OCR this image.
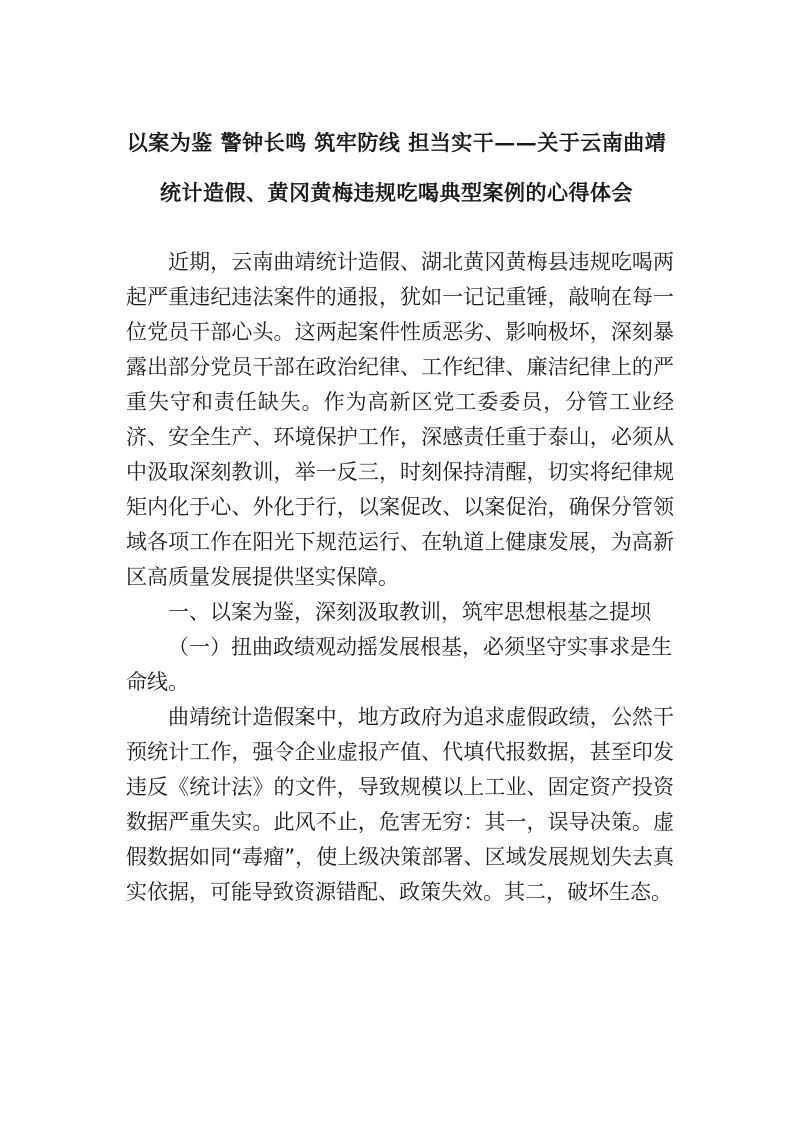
以案为鉴 警钟长鸣 筑牢防线 担当实干——关于云南曲靖
统计造假、黄冈黄梅违规吃喝典型案例的心得体会

近期，云南曲靖统计造假、湖北黄冈黄梅县违规吃喝两起严重违纪违法案件的通报，犹如一记记重锤，敲响在每一位党员干部心头。这两起案件性质恶劣、影响极坏，深刻暴露出部分党员干部在政治纪律、工作纪律、廉洁纪律上的严重失守和责任缺失。作为高新区党工委委员，分管工业经济、安全生产、环境保护工作，深感责任重于泰山，必须从中汲取深刻教训，举一反三，时刻保持清醒，切实将纪律规矩内化于心、外化于行，以案促改、以案促治，确保分管领域各项工作在阳光下规范运行、在轨道上健康发展，为高新区高质量发展提供坚实保障。

一、以案为鉴，深刻汲取教训，筑牢思想根基之提坝

（一）扭曲政绩观动摇发展根基，必须坚守实事求是生命线。

曲靖统计造假案中，地方政府为追求虚假政绩，公然干预统计工作，强令企业虚报产值、代填代报数据，甚至印发违反《统计法》的文件，导致规模以上工业、固定资产投资数据严重失实。此风不止，危害无穷：其一，误导决策。虚假数据如同“毒瘤”，使上级决策部署、区域发展规划失去真实依据，可能导致资源错配、政策失效。其二，破坏生态。
